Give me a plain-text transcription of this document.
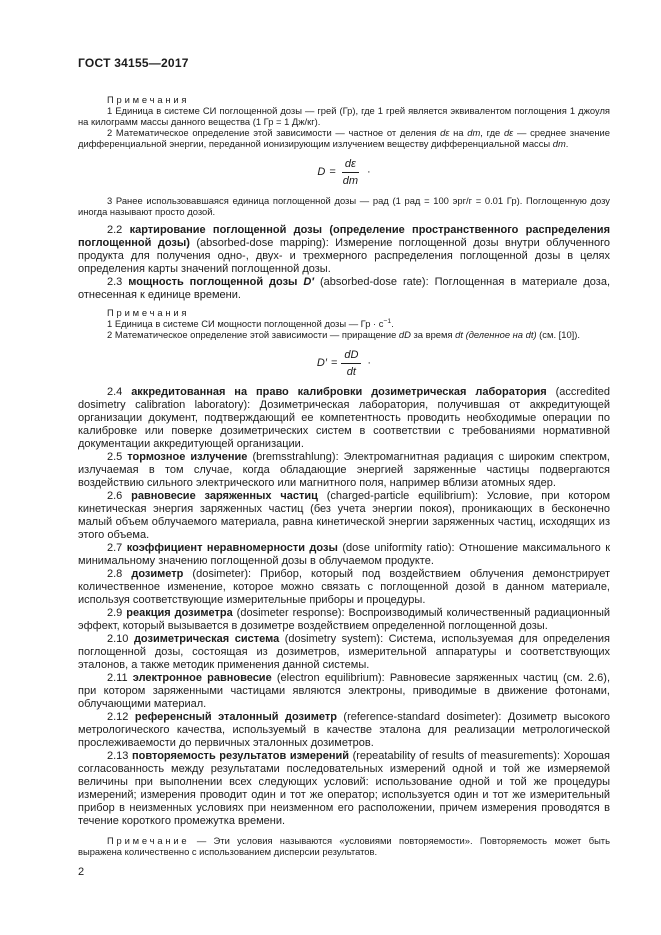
ГОСТ 34155—2017

Примечания

1 Единица в системе СИ поглощенной дозы — грей (Гр), где 1 грей является эквивалентом поглощения 1 джоуля на килограмм массы данного вещества (1 Гр = 1 Дж/кг).

2 Математическое определение этой зависимости — частное от деления dε на dm, где dε — среднее значение дифференциальной энергии, переданной ионизирующим излучением веществу дифференциальной массы dm.

$D = \frac{d\varepsilon}{dm}$ ·

3 Ранее использовавшаяся единица поглощенной дозы — рад (1 рад = 100 эрг/г = 0.01 Гр). Поглощенную дозу иногда называют просто дозой.

2.2 картирование поглощенной дозы (определение пространственного распределения поглощенной дозы) (absorbed-dose mapping): Измерение поглощенной дозы внутри облученного продукта для получения одно-, двух- и трехмерного распределения поглощенной дозы в целях определения карты значений поглощенной дозы.

2.3 мощность поглощенной дозы D′ (absorbed-dose rate): Поглощенная в материале доза, отнесенная к единице времени.

Примечания

1 Единица в системе СИ мощности поглощенной дозы — Гр · $с^{-1}$.

2 Математическое определение этой зависимости — приращение dD за время dt (деленное на dt) (см. [10]).

$D' = \frac{dD}{dt}$ ·

2.4 аккредитованная на право калибровки дозиметрическая лаборатория (accredited dosimetry calibration laboratory): Дозиметрическая лаборатория, получившая от аккредитующей организации документ, подтверждающий ее компетентность проводить необходимые операции по калибровке или поверке дозиметрических систем в соответствии с требованиями нормативной документации аккредитующей организации.

2.5 тормозное излучение (bremsstrahlung): Электромагнитная радиация с широким спектром, излучаемая в том случае, когда обладающие энергией заряженные частицы подвергаются воздействию сильного электрического или магнитного поля, например вблизи атомных ядер.

2.6 равновесие заряженных частиц (charged-particle equilibrium): Условие, при котором кинетическая энергия заряженных частиц (без учета энергии покоя), проникающих в бесконечно малый объем облучаемого материала, равна кинетической энергии заряженных частиц, исходящих из этого объема.

2.7 коэффициент неравномерности дозы (dose uniformity ratio): Отношение максимального к минимальному значению поглощенной дозы в облучаемом продукте.

2.8 дозиметр (dosimeter): Прибор, который под воздействием облучения демонстрирует количественное изменение, которое можно связать с поглощенной дозой в данном материале, используя соответствующие измерительные приборы и процедуры.

2.9 реакция дозиметра (dosimeter response): Воспроизводимый количественный радиационный эффект, который вызывается в дозиметре воздействием определенной поглощенной дозы.

2.10 дозиметрическая система (dosimetry system): Система, используемая для определения поглощенной дозы, состоящая из дозиметров, измерительной аппаратуры и соответствующих эталонов, а также методик применения данной системы.

2.11 электронное равновесие (electron equilibrium): Равновесие заряженных частиц (см. 2.6), при котором заряженными частицами являются электроны, приводимые в движение фотонами, облучающими материал.

2.12 референсный эталонный дозиметр (reference-standard dosimeter): Дозиметр высокого метрологического качества, используемый в качестве эталона для реализации метрологической прослеживаемости до первичных эталонных дозиметров.

2.13 повторяемость результатов измерений (repeatability of results of measurements): Хорошая согласованность между результатами последовательных измерений одной и той же измеряемой величины при выполнении всех следующих условий: использование одной и той же процедуры измерений; измерения проводит один и тот же оператор; используется один и тот же измерительный прибор в неизменных условиях при неизменном его расположении, причем измерения проводятся в течение короткого промежутка времени.

Примечание — Эти условия называются «условиями повторяемости». Повторяемость может быть выражена количественно с использованием дисперсии результатов.

2
